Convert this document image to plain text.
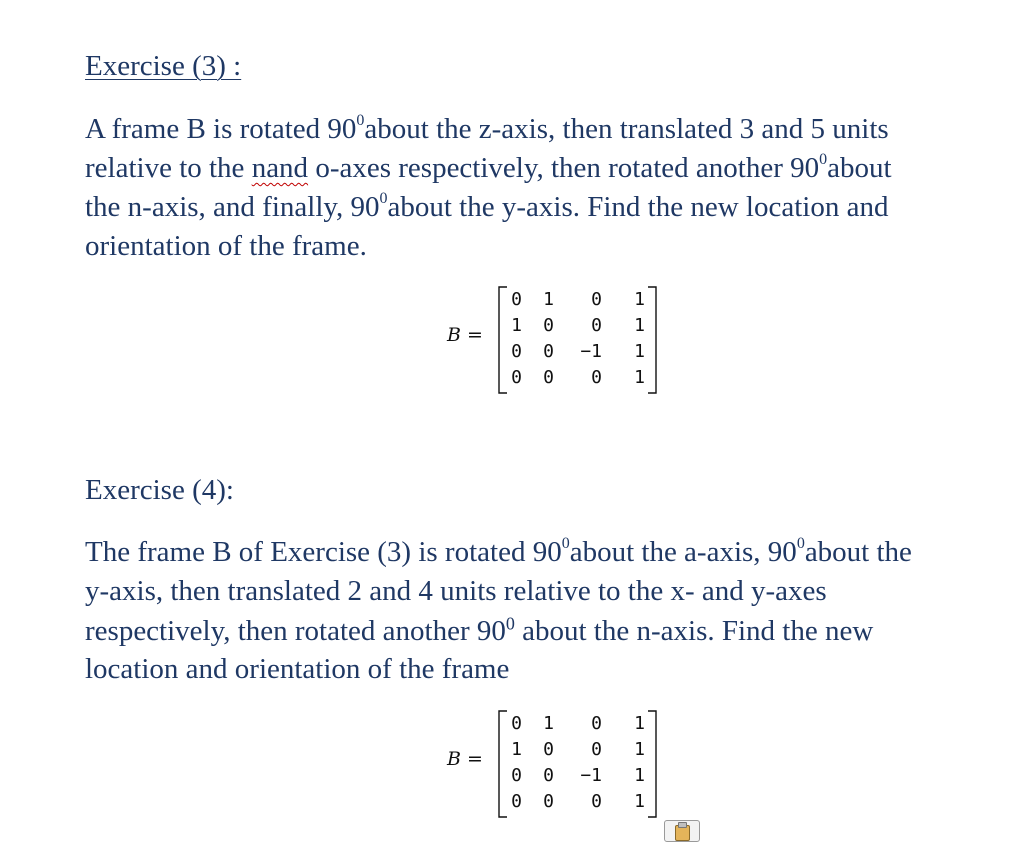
Exercise (3) :
A frame B is rotated $90^0about$ the z-axis, then translated 3 and 5 units
relative to the nand o-axes respectively, then rotated another $90^0about$
the n-axis, and finally, $90^0about$ the y-axis. Find the new location and
orientation of the frame.
B =
0	1	0	1
1	0	0	1
0	0	−1	1
0	0	0	1
Exercise (4):
The frame B of Exercise (3) is rotated $90^0about$ the a-axis, $90^0about$ the
y-axis, then translated 2 and 4 units relative to the x- and y-axes
respectively, then rotated another $90^0$ about the n-axis. Find the new
location and orientation of the frame
B =
0	1	0	1
1	0	0	1
0	0	−1	1
0	0	0	1
